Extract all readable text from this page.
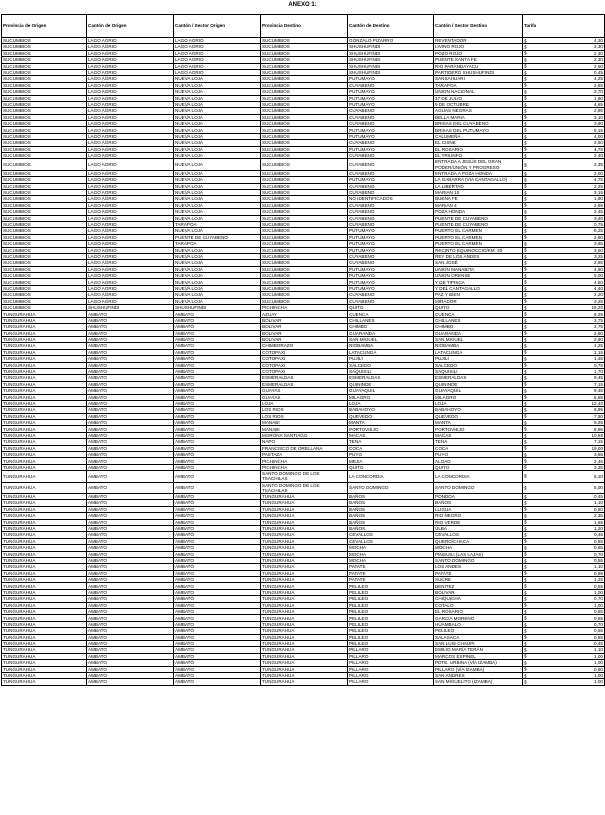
ANEXO 1:
Provincia de Origen	Cantón de Origen	Cantón / Sector Origen	Provincia Destino	Cantón de Destino	Cantón / Sector Destino	Tarifa
SUCUMBIOS	LAGO AGRIO	LAGO AGRIO	SUCUMBIOS	GONZALO PIZARRO	REVENTADOR	$ 4,30

SUCUMBIOS	LAGO AGRIO	LAGO AGRIO	SUCUMBIOS	SHUSHUFINDI	LIVINO ROJO	$ 2,30

SUCUMBIOS	LAGO AGRIO	LAGO AGRIO	SUCUMBIOS	SHUSHUFINDI	POZO ROJO	$ 2,30

SUCUMBIOS	LAGO AGRIO	LAGO AGRIO	SUCUMBIOS	SHUSHUFINDI	PUENTE SANTA FE	$ 2,30

SUCUMBIOS	LAGO AGRIO	LAGO AGRIO	SUCUMBIOS	SHUSHUFINDI	RIO PARANDAYACU	$ 2,50

SUCUMBIOS	LAGO AGRIO	LAGO AGRIO	SUCUMBIOS	SHUSHUFINDI	PARTIDERO SHUSHUFINDI	$ 0,45

SUCUMBIOS	LAGO AGRIO	NUEVA LOJA	SUCUMBIOS	PUTUMAYO	SANSAHUARI	$ 4,25

SUCUMBIOS	LAGO AGRIO	NUEVA LOJA	SUCUMBIOS	CUYABENO	TARAPOA	$ 2,65

SUCUMBIOS	LAGO AGRIO	NUEVA LOJA	SUCUMBIOS	PUTUMAYO	UNION NACIONAL	$ 3,70

SUCUMBIOS	LAGO AGRIO	NUEVA LOJA	SUCUMBIOS	PUTUMAYO	17 DE JULIO	$ 1,90

SUCUMBIOS	LAGO AGRIO	NUEVA LOJA	SUCUMBIOS	PUTUMAYO	9 DE OCTUBRE	$ 4,65

SUCUMBIOS	LAGO AGRIO	NUEVA LOJA	SUCUMBIOS	CUYABENO	AGUAS NEGRAS	$ 2,85

SUCUMBIOS	LAGO AGRIO	NUEVA LOJA	SUCUMBIOS	CUYABENO	BELLA MARIA	$ 3,10

SUCUMBIOS	LAGO AGRIO	NUEVA LOJA	SUCUMBIOS	CUYABENO	BRISAS DEL CUYABENO	$ 3,90

SUCUMBIOS	LAGO AGRIO	NUEVA LOJA	SUCUMBIOS	PUTUMAYO	BRISAS DEL PUTUMAYO	$ 5,15

SUCUMBIOS	LAGO AGRIO	NUEVA LOJA	SUCUMBIOS	PUTUMAYO	CALUMEÑA	$ 4,00

SUCUMBIOS	LAGO AGRIO	NUEVA LOJA	SUCUMBIOS	CUYABENO	EL CISNE	$ 2,50

SUCUMBIOS	LAGO AGRIO	NUEVA LOJA	SUCUMBIOS	PUTUMAYO	EL ROSARIO	$ 4,75

SUCUMBIOS	LAGO AGRIO	NUEVA LOJA	SUCUMBIOS	CUYABENO	EL TRIUNFO	$ 2,40

SUCUMBIOS	LAGO AGRIO	NUEVA LOJA	SUCUMBIOS	CUYABENO	ENTRADA A JESÚS DEL GRAN PODER/UNIÓN Y PROGRESO	$ 2,35

SUCUMBIOS	LAGO AGRIO	NUEVA LOJA	SUCUMBIOS	CUYABENO	ENTRADA A POZA HONDA	$ 2,00

SUCUMBIOS	LAGO AGRIO	NUEVA LOJA	SUCUMBIOS	PUTUMAYO	LA GABARRA (VÍA CANTAGALLO)	$ 4,75

SUCUMBIOS	LAGO AGRIO	NUEVA LOJA	SUCUMBIOS	CUYABENO	LA LIBERTAD	$ 2,25

SUCUMBIOS	LAGO AGRIO	NUEVA LOJA	SUCUMBIOS	CUYABENO	MARIAN 10	$ 3,15

SUCUMBIOS	LAGO AGRIO	NUEVA LOJA	SUCUMBIOS	NO IDENTIFICADOS	BUENA FE	$ 1,90

SUCUMBIOS	LAGO AGRIO	NUEVA LOJA	SUCUMBIOS	CUYABENO	MARIAN 4	$ 2,95

SUCUMBIOS	LAGO AGRIO	NUEVA LOJA	SUCUMBIOS	CUYABENO	POZA HONDA	$ 2,45

SUCUMBIOS	LAGO AGRIO	NUEVA LOJA	SUCUMBIOS	CUYABENO	PUENTE DE CUYABENO	$ 3,40

SUCUMBIOS	LAGO AGRIO	TARAPOA	SUCUMBIOS	CUYABENO	PUENTE DE CUYABENO	$ 0,75

SUCUMBIOS	LAGO AGRIO	NUEVA LOJA	SUCUMBIOS	PUTUMAYO	PUERTO EL CARMEN	$ 6,25

SUCUMBIOS	LAGO AGRIO	PUENTE DE CUYABENO	SUCUMBIOS	PUTUMAYO	PUERTO EL CARMEN	$ 2,90

SUCUMBIOS	LAGO AGRIO	TARAPOA	SUCUMBIOS	PUTUMAYO	PUERTO EL CARMEN	$ 3,65

SUCUMBIOS	LAGO AGRIO	NUEVA LOJA	SUCUMBIOS	PUTUMAYO	RECINTO EQUINOCCIO/KM. 20	$ 3,50

SUCUMBIOS	LAGO AGRIO	NUEVA LOJA	SUCUMBIOS	CUYABENO	REY DE LOS ANDES	$ 3,25

SUCUMBIOS	LAGO AGRIO	NUEVA LOJA	SUCUMBIOS	CUYABENO	SAN JOSÉ	$ 2,85

SUCUMBIOS	LAGO AGRIO	NUEVA LOJA	SUCUMBIOS	PUTUMAYO	UNION MANABITA	$ 4,90

SUCUMBIOS	LAGO AGRIO	NUEVA LOJA	SUCUMBIOS	PUTUMAYO	UNION ORENSE	$ 5,00

SUCUMBIOS	LAGO AGRIO	NUEVA LOJA	SUCUMBIOS	PUTUMAYO	Y DE TIPISCA	$ 4,50

SUCUMBIOS	LAGO AGRIO	NUEVA LOJA	SUCUMBIOS	PUTUMAYO	Y DEL CANTAGALLO	$ 4,40

SUCUMBIOS	LAGO AGRIO	NUEVA LOJA	SUCUMBIOS	CUYABENO	PAZ Y BIEN	$ 2,20

SUCUMBIOS	LAGO AGRIO	NUEVA LOJA	SUCUMBIOS	CUYABENO	MIRADOR	$ 3,25

SUCUMBIOS	SHUSHUFINDI	SHUSHUFINDI	PICHINCHA	QUITO	QUITO	$ 18,20

TUNGURAHUA	AMBATO	AMBATO	AZUAY	CUENCA	CUENCA	$ 8,25

TUNGURAHUA	AMBATO	AMBATO	BOLIVAR	CHILLANES	CHILLANES	$ 3,75

TUNGURAHUA	AMBATO	AMBATO	BOLIVAR	CHIMBO	CHIMBO	$ 2,75

TUNGURAHUA	AMBATO	AMBATO	BOLIVAR	GUARANDA	GUARANDA	$ 2,60

TUNGURAHUA	AMBATO	AMBATO	BOLIVAR	SAN MIGUEL	SAN MIGUEL	$ 2,90

TUNGURAHUA	AMBATO	AMBATO	CHIMBORAZO	RIOBAMBA	RIOBAMBA	$ 1,25

TUNGURAHUA	AMBATO	AMBATO	COTOPAXI	LATACUNGA	LATACUNGA	$ 1,15

TUNGURAHUA	AMBATO	AMBATO	COTOPAXI	PUJILI	PUJILI	$ 1,45

TUNGURAHUA	AMBATO	AMBATO	COTOPAXI	SALCEDO	SALCEDO	$ 0,75

TUNGURAHUA	AMBATO	AMBATO	COTOPAXI	SAQUISILI	SAQUISILI	$ 1,70

TUNGURAHUA	AMBATO	AMBATO	ESMERALDAS	ESMERALDAS	ESMERALDAS	$ 9,45

TUNGURAHUA	AMBATO	AMBATO	ESMERALDAS	QUININDE	QUININDE	$ 7,15

TUNGURAHUA	AMBATO	AMBATO	GUAYAS	GUAYAQUIL	GUAYAQUIL	$ 9,45

TUNGURAHUA	AMBATO	AMBATO	GUAYAS	MILAGRO	MILAGRO	$ 5,85

TUNGURAHUA	AMBATO	AMBATO	LOJA	LOJA	LOJA	$ 12,40

TUNGURAHUA	AMBATO	AMBATO	LOS RIOS	BABAHOYO	BABAHOYO	$ 5,95

TUNGURAHUA	AMBATO	AMBATO	LOS RIOS	QUEVEDO	QUEVEDO	$ 7,50

TUNGURAHUA	AMBATO	AMBATO	MANABI	MANTA	MANTA	$ 9,25

TUNGURAHUA	AMBATO	AMBATO	MANABI	PORTOVIEJO	PORTOVIEJO	$ 8,95

TUNGURAHUA	AMBATO	AMBATO	MORONA SANTIAGO	MACAS	MACAS	$ 10,65

TUNGURAHUA	AMBATO	AMBATO	NAPO	TENA	TENA	$ 7,15

TUNGURAHUA	AMBATO	AMBATO	FRANCISCO DE ORELLANA	COCA	COCA	$ 19,00

TUNGURAHUA	AMBATO	AMBATO	PASTAZA	PUYO	PUYO	$ 3,65

TUNGURAHUA	AMBATO	AMBATO	PICHINCHA	MEJIA	ALOAG	$ 2,45

TUNGURAHUA	AMBATO	AMBATO	PICHINCHA	QUITO	QUITO	$ 3,35

TUNGURAHUA	AMBATO	AMBATO	SANTO DOMINGO DE LOS TSÁCHILAS	LA CONCORDIA	LA CONCORDIA	$ 6,10

TUNGURAHUA	AMBATO	AMBATO	SANTO DOMINGO DE LOS TSÁCHILAS	SANTO DOMINGO	SANTO DOMINGO	$ 5,00

TUNGURAHUA	AMBATO	AMBATO	TUNGURAHUA	BAÑOS	PONDOA	$ 0,45

TUNGURAHUA	AMBATO	AMBATO	TUNGURAHUA	BAÑOS	BAÑOS	$ 1,10

TUNGURAHUA	AMBATO	AMBATO	TUNGURAHUA	BAÑOS	LLIGUA	$ 0,80

TUNGURAHUA	AMBATO	AMBATO	TUNGURAHUA	BAÑOS	RIO NEGRO	$ 2,35

TUNGURAHUA	AMBATO	AMBATO	TUNGURAHUA	BAÑOS	RIO VERDE	$ 1,65

TUNGURAHUA	AMBATO	AMBATO	TUNGURAHUA	BAÑOS	ULBA	$ 1,20

TUNGURAHUA	AMBATO	AMBATO	TUNGURAHUA	CEVALLOS	CEVALLOS	$ 0,45

TUNGURAHUA	AMBATO	AMBATO	TUNGURAHUA	CEVALLOS	QUERO/CHACA	$ 0,55

TUNGURAHUA	AMBATO	AMBATO	TUNGURAHUA	MOCHA	MOCHA	$ 0,65

TUNGURAHUA	AMBATO	AMBATO	TUNGURAHUA	MOCHA	PINGUILI (LAS LAJAS)	$ 0,70

TUNGURAHUA	AMBATO	AMBATO	TUNGURAHUA	MOCHA	SANTO DOMINGO	$ 0,55

TUNGURAHUA	AMBATO	AMBATO	TUNGURAHUA	PATATE	LOS ANDES	$ 1,10

TUNGURAHUA	AMBATO	AMBATO	TUNGURAHUA	PATATE	PATATE	$ 0,95

TUNGURAHUA	AMBATO	AMBATO	TUNGURAHUA	PATATE	SUCRE	$ 1,25

TUNGURAHUA	AMBATO	AMBATO	TUNGURAHUA	PELILEO	BENITEZ	$ 0,55

TUNGURAHUA	AMBATO	AMBATO	TUNGURAHUA	PELILEO	BOLIVAR	$ 1,00

TUNGURAHUA	AMBATO	AMBATO	TUNGURAHUA	PELILEO	CHIQUICHA	$ 0,70

TUNGURAHUA	AMBATO	AMBATO	TUNGURAHUA	PELILEO	COTALO	$ 1,00

TUNGURAHUA	AMBATO	AMBATO	TUNGURAHUA	PELILEO	EL ROSARIO	$ 0,55

TUNGURAHUA	AMBATO	AMBATO	TUNGURAHUA	PELILEO	GARCÍA MORENO	$ 0,55

TUNGURAHUA	AMBATO	AMBATO	TUNGURAHUA	PELILEO	HUAMBALO	$ 0,70

TUNGURAHUA	AMBATO	AMBATO	TUNGURAHUA	PELILEO	PELILEO	$ 0,55

TUNGURAHUA	AMBATO	AMBATO	TUNGURAHUA	PELILEO	SALASACA	$ 0,55

TUNGURAHUA	AMBATO	AMBATO	TUNGURAHUA	PELILEO	SAN LUIS CHAUPI	$ 0,45

TUNGURAHUA	AMBATO	AMBATO	TUNGURAHUA	PILLARO	EMILIO MARÍA TERÁN	$ 1,10

TUNGURAHUA	AMBATO	AMBATO	TUNGURAHUA	PILLARO	MARCOS ESPINEL	$ 1,00

TUNGURAHUA	AMBATO	AMBATO	TUNGURAHUA	PILLARO	PDTE. URBINA (VÍA IZAMBA)	$ 1,00

TUNGURAHUA	AMBATO	AMBATO	TUNGURAHUA	PILLARO	PILLARO (VÍA IZAMBA)	$ 0,60

TUNGURAHUA	AMBATO	AMBATO	TUNGURAHUA	PILLARO	SAN ANDRES	$ 1,00

TUNGURAHUA	AMBATO	AMBATO	TUNGURAHUA	PILLARO	SAN MIGUELITO (IZAMBA)	$ 1,00
